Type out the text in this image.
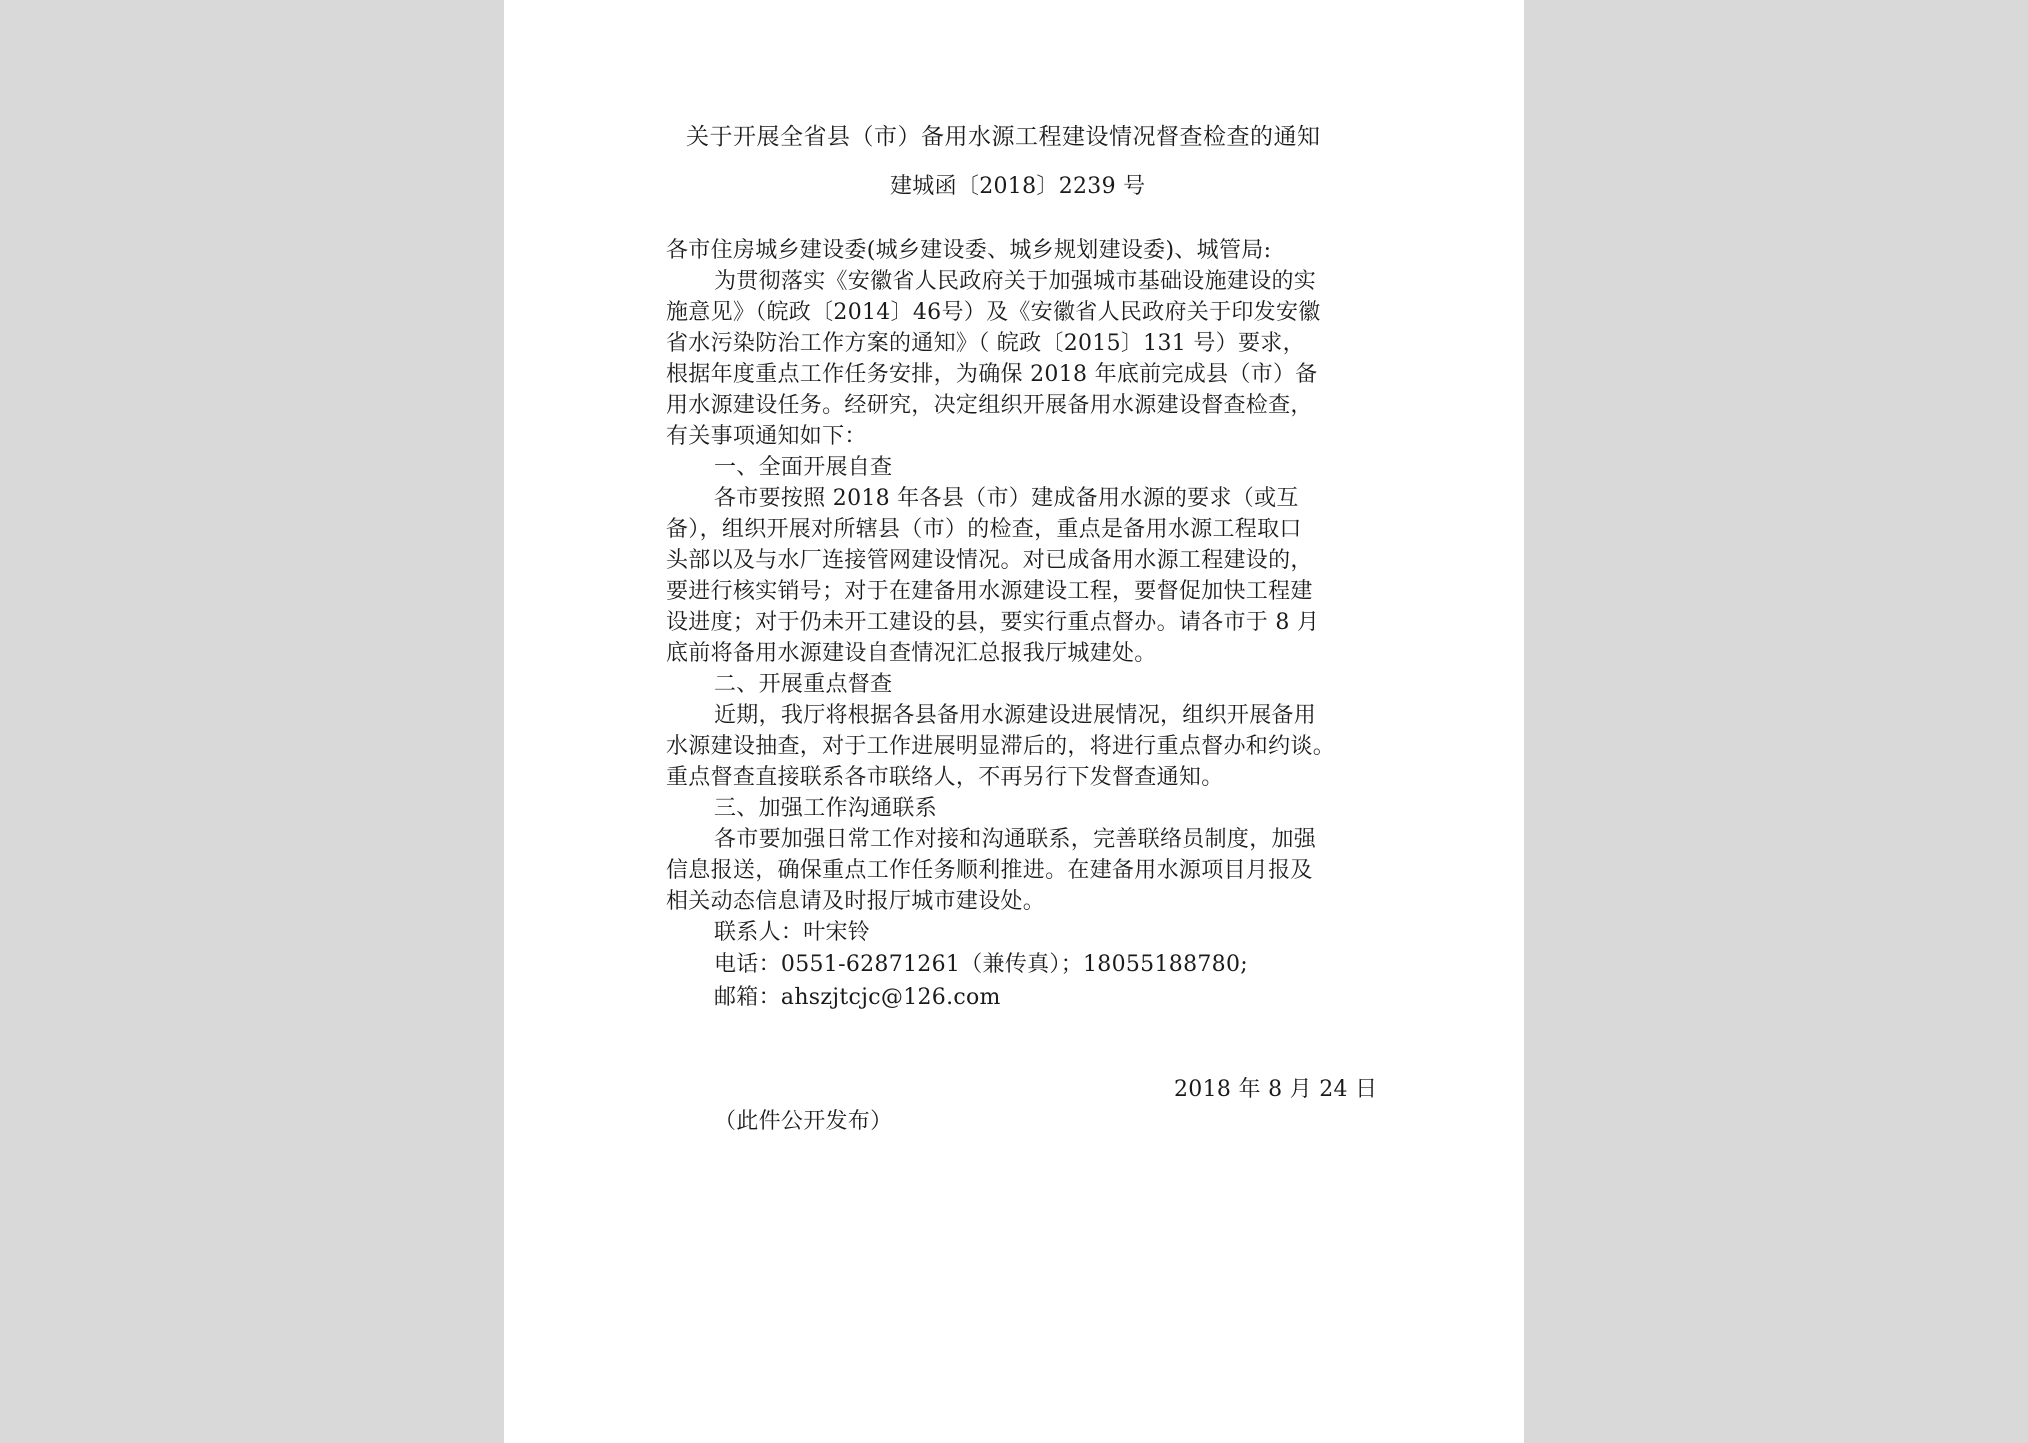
关于开展全省县（市）备用水源工程建设情况督查检查的通知
建城函〔2018〕2239 号
各市住房城乡建设委(城乡建设委、城乡规划建设委)、城管局:
为贯彻落实《安徽省人民政府关于加强城市基础设施建设的实
施意见》（皖政〔2014〕46号）及《安徽省人民政府关于印发安徽
省水污染防治工作方案的通知》（ 皖政〔2015〕131 号）要求，
根据年度重点工作任务安排，为确保 2018 年底前完成县（市）备
用水源建设任务。经研究，决定组织开展备用水源建设督查检查，
有关事项通知如下：
一、全面开展自查
各市要按照 2018 年各县（市）建成备用水源的要求（或互
备），组织开展对所辖县（市）的检查，重点是备用水源工程取口
头部以及与水厂连接管网建设情况。对已成备用水源工程建设的，
要进行核实销号；对于在建备用水源建设工程，要督促加快工程建
设进度；对于仍未开工建设的县，要实行重点督办。请各市于 8 月
底前将备用水源建设自查情况汇总报我厅城建处。
二、开展重点督查
近期，我厅将根据各县备用水源建设进展情况，组织开展备用
水源建设抽查，对于工作进展明显滞后的，将进行重点督办和约谈。
重点督查直接联系各市联络人，不再另行下发督查通知。
三、加强工作沟通联系
各市要加强日常工作对接和沟通联系，完善联络员制度，加强
信息报送，确保重点工作任务顺利推进。在建备用水源项目月报及
相关动态信息请及时报厅城市建设处。
联系人：叶宋铃
电话：0551-62871261（兼传真）；18055188780;
邮箱：ahszjtcjc@126.com
2018 年 8 月 24 日
（此件公开发布）
